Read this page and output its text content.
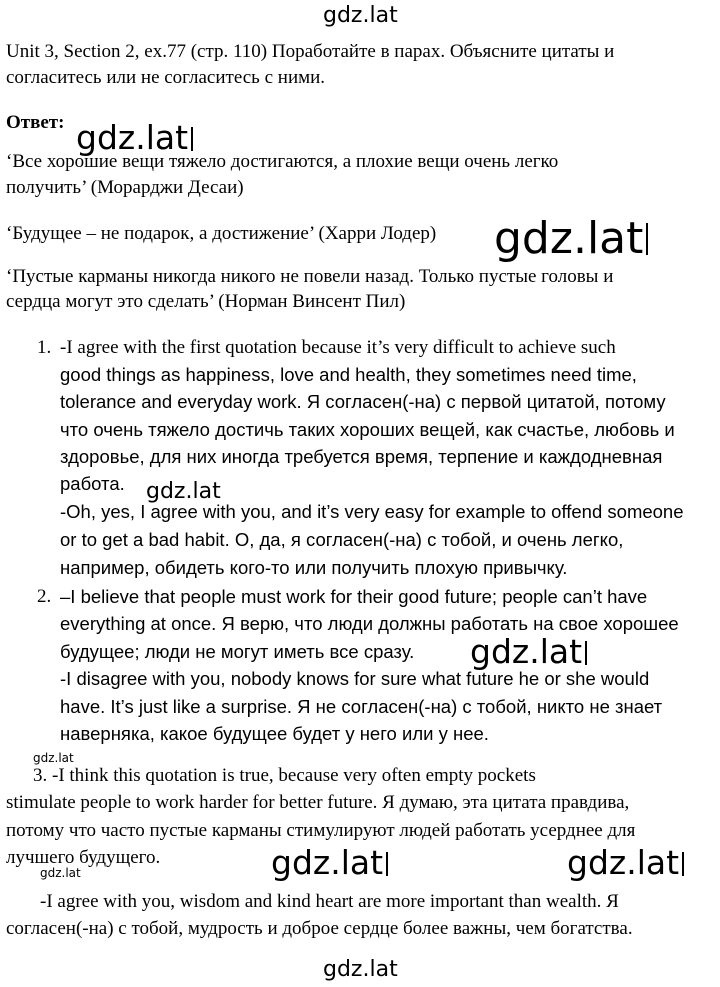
gdz.lat
Unit 3, Section 2, ex.77 (стр. 110) Поработайте в парах. Объясните цитаты и
согласитесь или не согласитесь с ними.
Ответ: gdz.lat
‘Все хорошие вещи тяжело достигаются, а плохие вещи очень легко
получить’ (Морарджи Десаи)
‘Будущее – не подарок, а достижение’ (Харри Лодер) gdz.lat
‘Пустые карманы никогда никого не повели назад. Только пустые головы и
сердца могут это сделать’ (Норман Винсент Пил)
1. -I agree with the first quotation because it’s very difficult to achieve such
good things as happiness, love and health, they sometimes need time,
tolerance and everyday work. Я согласен(-на) с первой цитатой, потому
что очень тяжело достичь таких хороших вещей, как счастье, любовь и
здоровье, для них иногда требуется время, терпение и каждодневная
работа. gdz.lat
-Oh, yes, I agree with you, and it’s very easy for example to offend someone
or to get a bad habit. О, да, я согласен(-на) с тобой, и очень легко,
например, обидеть кого-то или получить плохую привычку.
2. –I believe that people must work for their good future; people can’t have
everything at once. Я верю, что люди должны работать на свое хорошее
будущее; люди не могут иметь все сразу. gdz.lat
-I disagree with you, nobody knows for sure what future he or she would
have. It’s just like a surprise. Я не согласен(-на) с тобой, никто не знает
наверняка, какое будущее будет у него или у нее.
gdz.lat
3. -I think this quotation is true, because very often empty pockets
stimulate people to work harder for better future. Я думаю, эта цитата правдива,
потому что часто пустые карманы стимулируют людей работать усерднее для
лучшего будущего.
gdz.lat	gdz.lat	gdz.lat
-I agree with you, wisdom and kind heart are more important than wealth. Я
согласен(-на) с тобой, мудрость и доброе сердце более важны, чем богатства.
gdz.lat
